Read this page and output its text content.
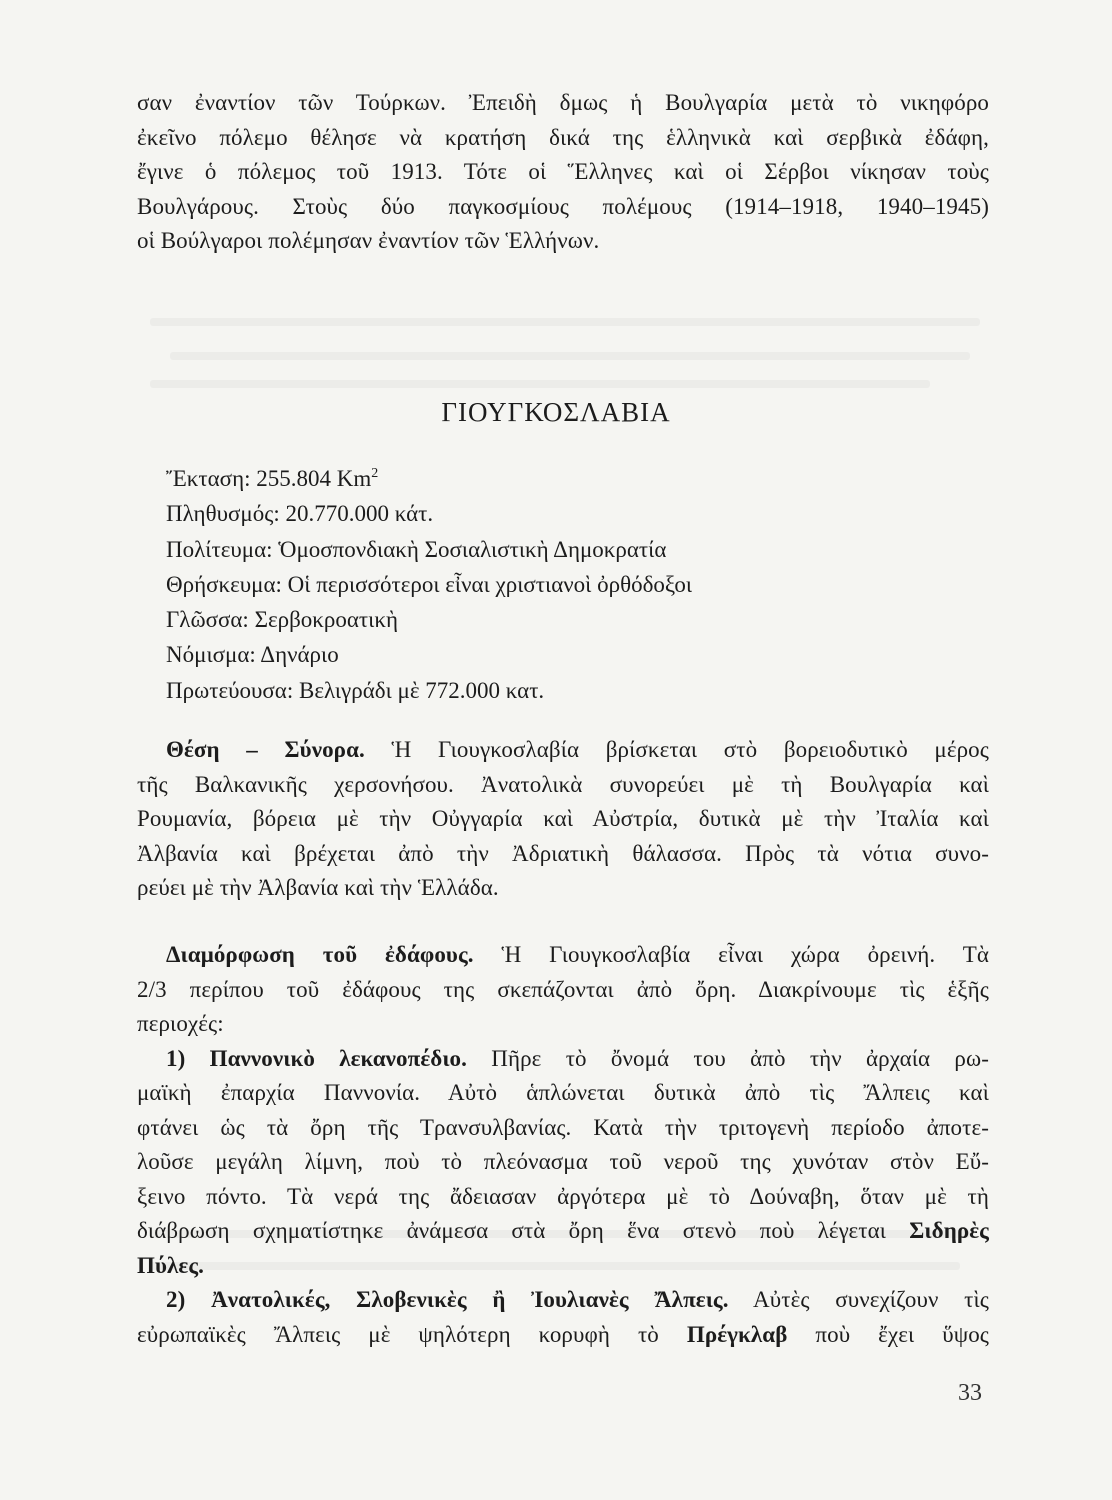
σαν ἐναντίον τῶν Τούρκων. Ἐπειδὴ δμως ἡ Βουλγαρία μετὰ τὸ νικηφόρο
ἐκεῖνο πόλεμο θέλησε νὰ κρατήση δικά της ἑλληνικὰ καὶ σερβικὰ ἐδάφη,
ἔγινε ὁ πόλεμος τοῦ 1913. Τότε οἱ Ἕλληνες καὶ οἱ Σέρβοι νίκησαν τοὺς
Βουλγάρους. Στοὺς δύο παγκοσμίους πολέμους (1914–1918, 1940–1945)
οἱ Βούλγαροι πολέμησαν ἐναντίον τῶν Ἑλλήνων.
ΓΙΟΥΓΚΟΣΛΑΒΙΑ
Ἔκταση: 255.804 Km$^2$
Πληθυσμός: 20.770.000 κάτ.
Πολίτευμα: Ὁμοσπονδιακὴ Σοσιαλιστικὴ Δημοκρατία
Θρήσκευμα: Οἱ περισσότεροι εἶναι χριστιανοὶ ὀρθόδοξοι
Γλῶσσα: Σερβοκροατικὴ
Νόμισμα: Δηνάριο
Πρωτεύουσα: Βελιγράδι μὲ 772.000 κατ.
Θέση – Σύνορα. Ἡ Γιουγκοσλαβία βρίσκεται στὸ βορειοδυτικὸ μέρος
τῆς Βαλκανικῆς χερσονήσου. Ἀνατολικὰ συνορεύει μὲ τὴ Βουλγαρία καὶ
Ρουμανία, βόρεια μὲ τὴν Οὐγγαρία καὶ Αὐστρία, δυτικὰ μὲ τὴν Ἰταλία καὶ
Ἀλβανία καὶ βρέχεται ἀπὸ τὴν Ἀδριατικὴ θάλασσα. Πρὸς τὰ νότια συνο-
ρεύει μὲ τὴν Ἀλβανία καὶ τὴν Ἑλλάδα.
Διαμόρφωση τοῦ ἐδάφους. Ἡ Γιουγκοσλαβία εἶναι χώρα ὀρεινή. Τὰ
2/3 περίπου τοῦ ἐδάφους της σκεπάζονται ἀπὸ ὄρη. Διακρίνουμε τὶς ἑξῆς
περιοχές:
1) Παννονικὸ λεκανοπέδιο. Πῆρε τὸ ὄνομά του ἀπὸ τὴν ἀρχαία ρω-
μαϊκὴ ἐπαρχία Παννονία. Αὐτὸ ἁπλώνεται δυτικὰ ἀπὸ τὶς Ἄλπεις καὶ
φτάνει ὡς τὰ ὄρη τῆς Τρανσυλβανίας. Κατὰ τὴν τριτογενὴ περίοδο ἀποτε-
λοῦσε μεγάλη λίμνη, ποὺ τὸ πλεόνασμα τοῦ νεροῦ της χυνόταν στὸν Εὔ-
ξεινο πόντο. Τὰ νερά της ἄδειασαν ἀργότερα μὲ τὸ Δούναβη, ὅταν μὲ τὴ
διάβρωση σχηματίστηκε ἀνάμεσα στὰ ὄρη ἕνα στενὸ ποὺ λέγεται Σιδηρὲς
Πύλες.
2) Ἀνατολικές, Σλοβενικὲς ἢ Ἰουλιανὲς Ἄλπεις. Αὐτὲς συνεχίζουν τὶς
εὐρωπαϊκὲς Ἄλπεις μὲ ψηλότερη κορυφὴ τὸ Πρέγκλαβ ποὺ ἔχει ὕψος
33
